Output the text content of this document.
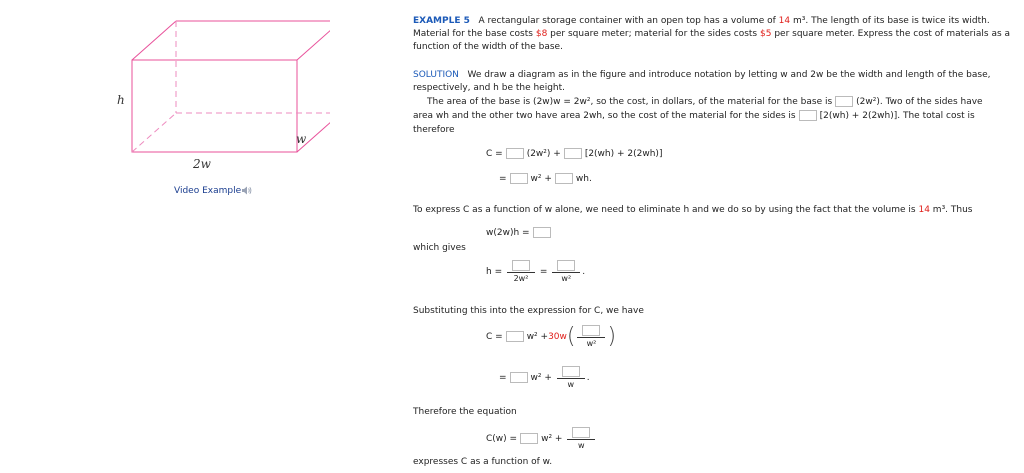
h
w
2w
Video Example
EXAMPLE 5 A rectangular storage container with an open top has a volume of 14 m³. The length of its base is twice its width.
Material for the base costs $8 per square meter; material for the sides costs $5 per square meter. Express the cost of materials as a
function of the width of the base.
SOLUTION We draw a diagram as in the figure and introduce notation by letting w and 2w be the width and length of the base,
respectively, and h be the height.
The area of the base is (2w)w = 2w², so the cost, in dollars, of the material for the base is	(2w²). Two of the sides have
area wh and the other two have area 2wh, so the cost of the material for the sides is	[2(wh) + 2(2wh)]. The total cost is
therefore
C =	(2w²) +	[2(wh) + 2(2wh)]
=	w² +	wh.
To express C as a function of w alone, we need to eliminate h and we do so by using the fact that the volume is 14 m³. Thus
w(2w)h =
which gives
h =
2w²
=
w²
.
Substituting this into the expression for C, we have
C =	w² +30w(	w² )
=	w² +
w
.
Therefore the equation
C(w) =	w² +
w
expresses C as a function of w.
